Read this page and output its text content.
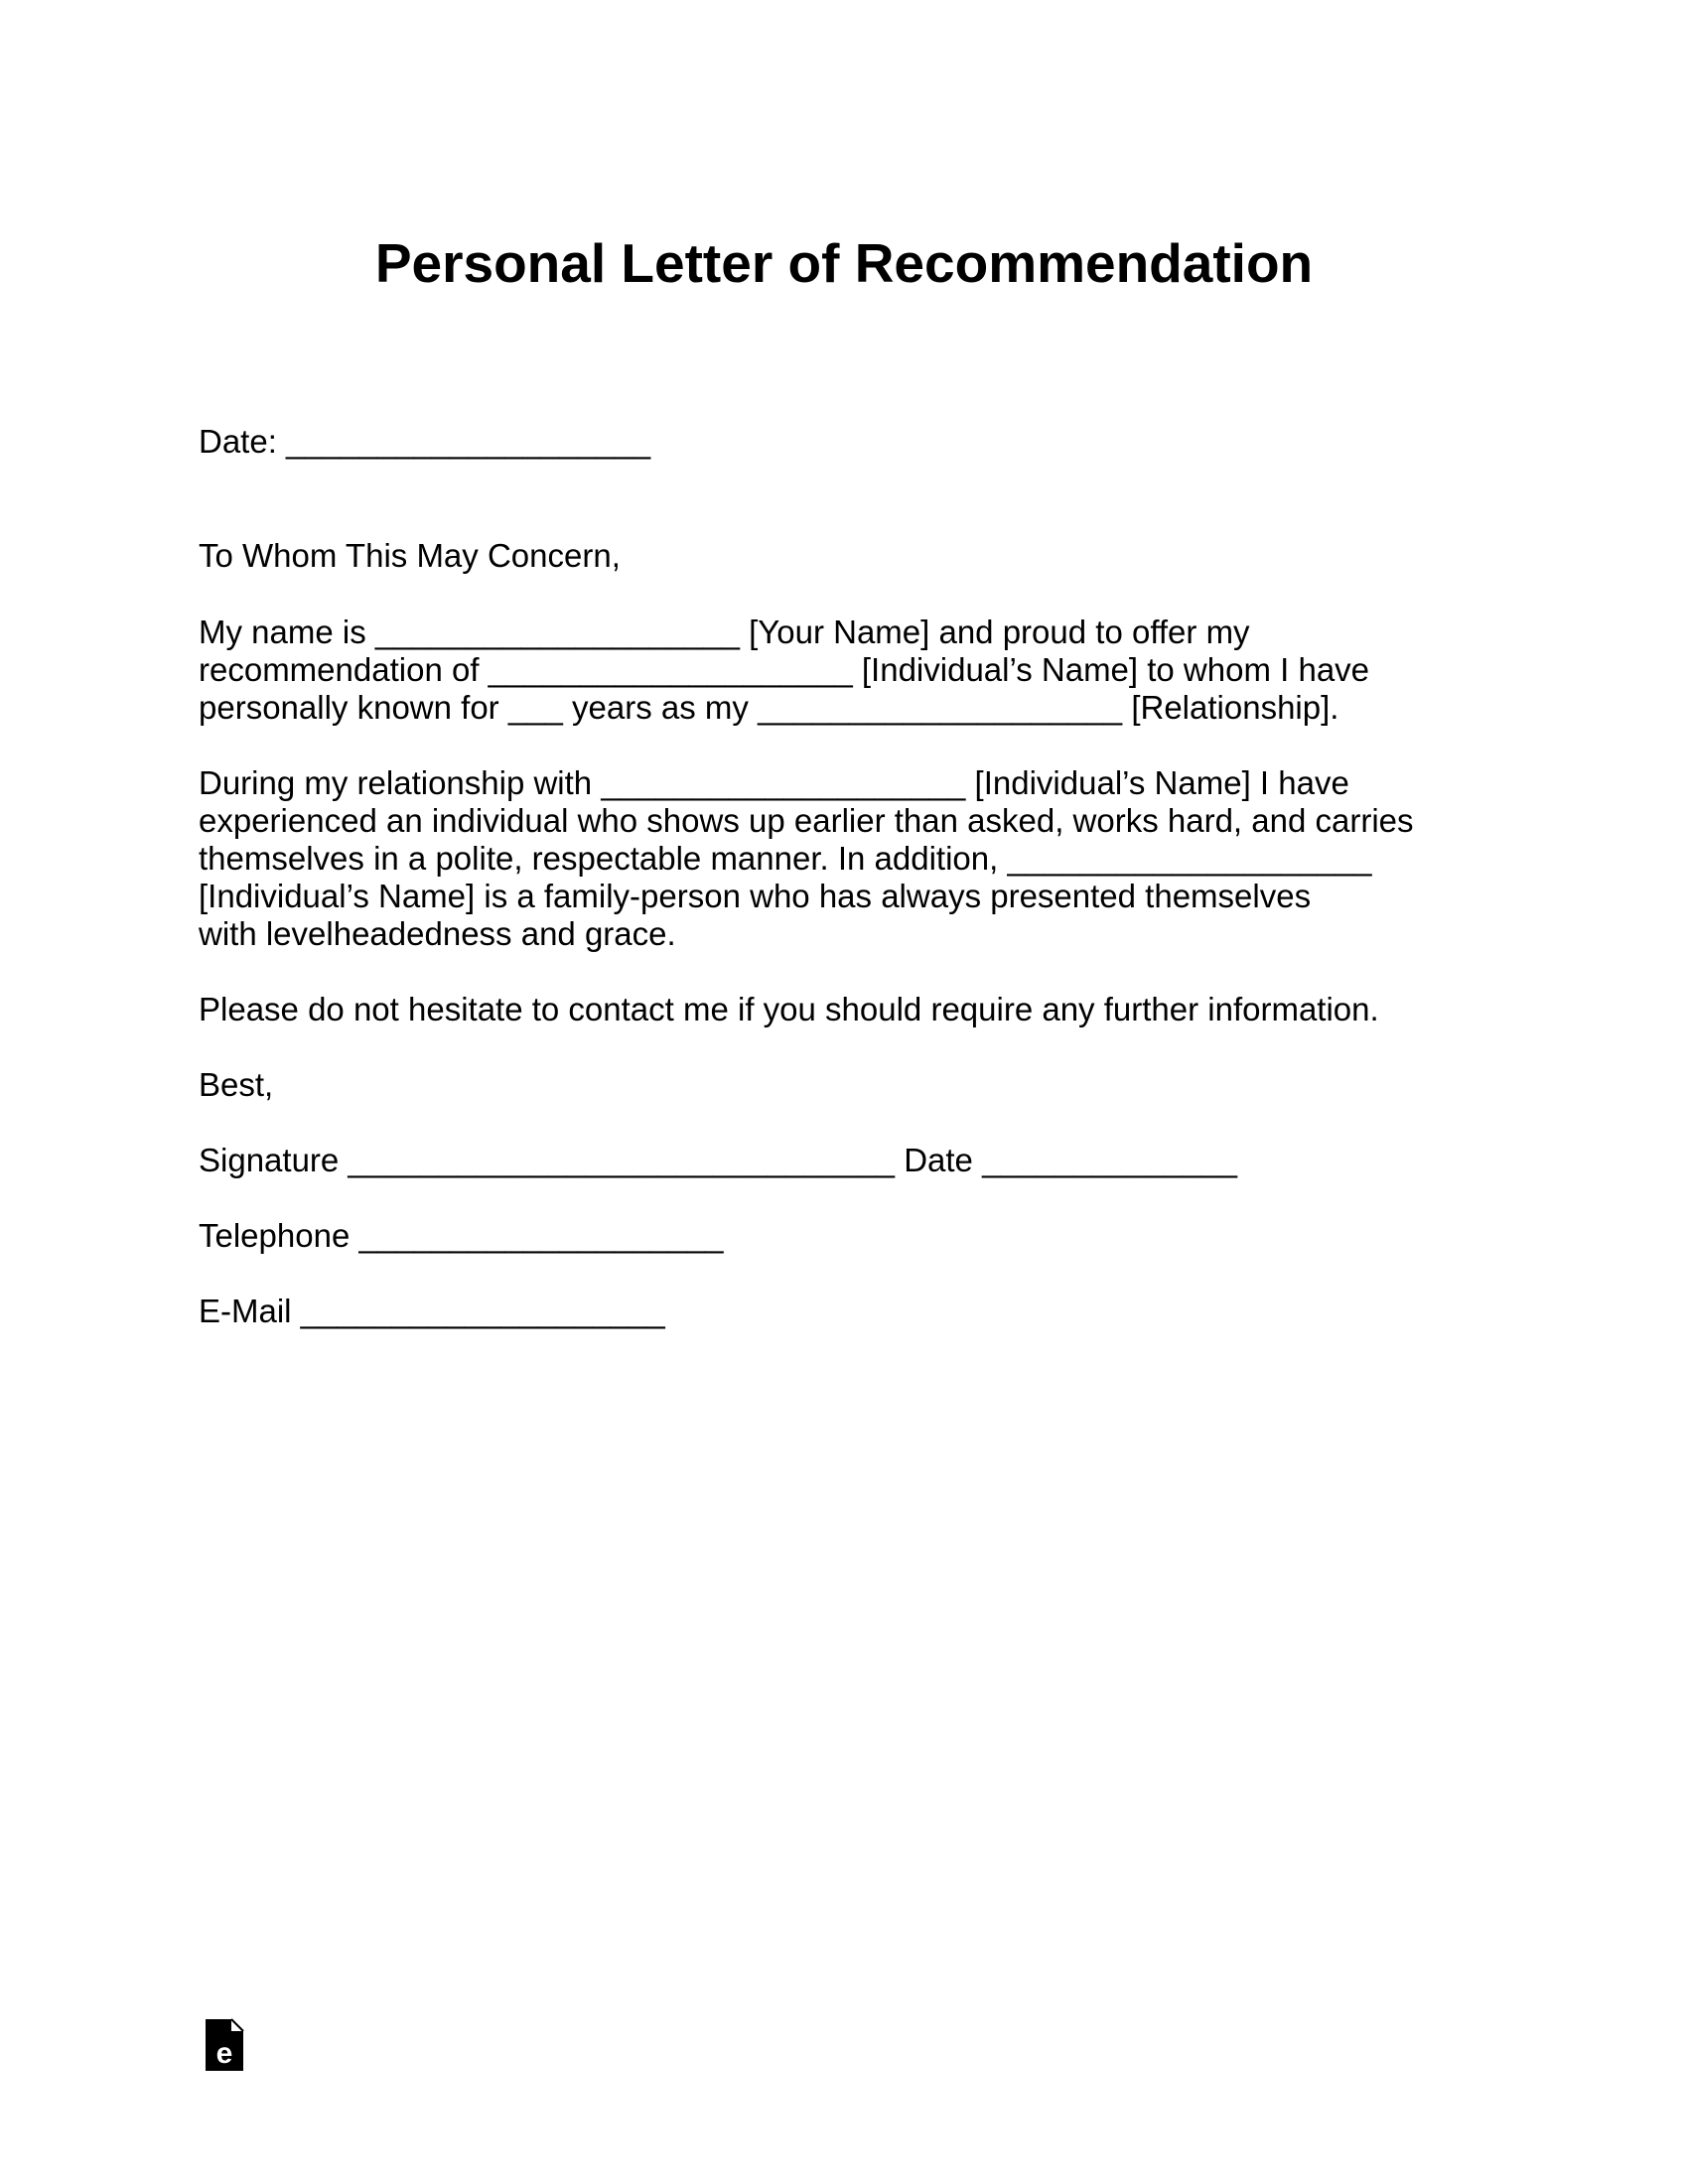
Personal Letter of Recommendation
Date: ____________________
To Whom This May Concern,
My name is ____________________ [Your Name] and proud to offer my
recommendation of ____________________ [Individual’s Name] to whom I have
personally known for ___ years as my ____________________ [Relationship].
During my relationship with ____________________ [Individual’s Name] I have
experienced an individual who shows up earlier than asked, works hard, and carries
themselves in a polite, respectable manner. In addition, ____________________
[Individual’s Name] is a family-person who has always presented themselves
with levelheadedness and grace.
Please do not hesitate to contact me if you should require any further information.
Best,
Signature ______________________________ Date ______________
Telephone ____________________
E-Mail ____________________
e
